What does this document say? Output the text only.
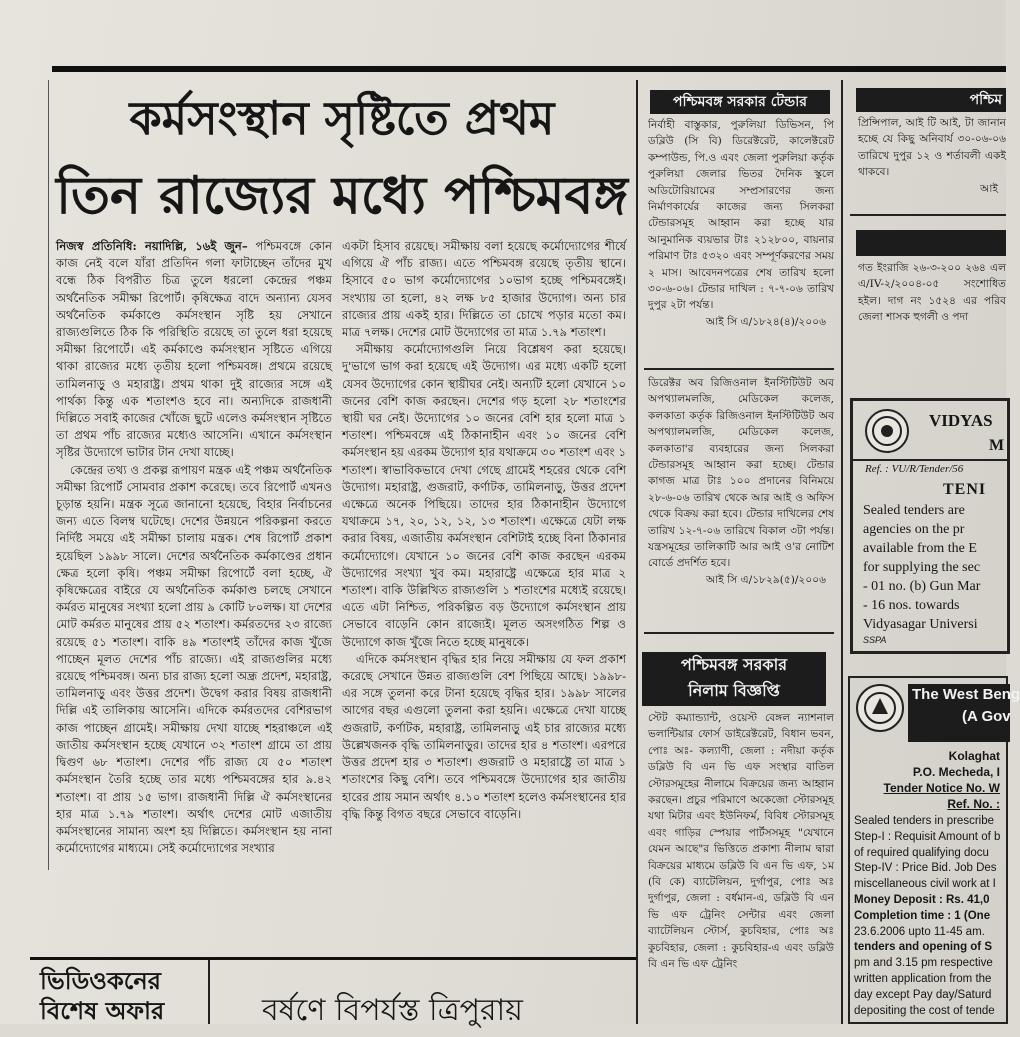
কর্মসংস্থান সৃষ্টিতে প্রথম
তিন রাজ্যের মধ্যে পশ্চিমবঙ্গ

নিজস্ব প্রতিনিধি: নয়াদিল্লি, ১৬ই জুন– পশ্চিমবঙ্গে কোন কাজ নেই বলে যাঁরা প্রতিদিন গলা ফাটাচ্ছেন তাঁদের মুখ বন্ধে ঠিক বিপরীত চিত্র তুলে ধরলো কেন্দ্রের পঞ্চম অর্থনৈতিক সমীক্ষা রিপোর্ট। কৃষিক্ষেত্র বাদে অন্যান্য যেসব অর্থনৈতিক কর্মকাণ্ডে কর্মসংস্থান সৃষ্টি হয় সেখানে রাজ্যগুলিতে ঠিক কি পরিস্থিতি রয়েছে তা তুলে ধরা হয়েছে সমীক্ষা রিপোর্টে। এই কর্মকাণ্ডে কর্মসংস্থান সৃষ্টিতে এগিয়ে থাকা রাজ্যের মধ্যে তৃতীয় হলো পশ্চিমবঙ্গ। প্রথমে রয়েছে তামিলনাড়ু ও মহারাষ্ট্র। প্রথম থাকা দুই রাজ্যের সঙ্গে এই পার্থক্য কিন্তু এক শতাংশও হবে না। অন্যদিকে রাজধানী দিল্লিতে সবাই কাজের খোঁজে ছুটে এলেও কর্মসংস্থান সৃষ্টিতে তা প্রথম পাঁচ রাজ্যের মধ্যেও আসেনি। এখানে কর্মসংস্থান সৃষ্টির উদ্যোগে ভাটার টান দেখা যাচ্ছে।

কেন্দ্রের তথ্য ও প্রকল্প রূপায়ণ মন্ত্রক এই পঞ্চম অর্থনৈতিক সমীক্ষা রিপোর্ট সোমবার প্রকাশ করেছে। তবে রিপোর্ট এখনও চূড়ান্ত হয়নি। মন্ত্রক সূত্রে জানানো হয়েছে, বিহার নির্বাচনের জন্য এতে বিলম্ব ঘটেছে। দেশের উন্নয়নে পরিকল্পনা করতে নির্দিষ্ট সময়ে এই সমীক্ষা চালায় মন্ত্রক। শেষ রিপোর্ট প্রকাশ হয়েছিল ১৯৯৮ সালে। দেশের অর্থনৈতিক কর্মকাণ্ডের প্রধান ক্ষেত্র হলো কৃষি। পঞ্চম সমীক্ষা রিপোর্টে বলা হচ্ছে, ঐ কৃষিক্ষেত্রের বাইরে যে অর্থনৈতিক কর্মকাণ্ড চলছে সেখানে কর্মরত মানুষের সংখ্যা হলো প্রায় ৯ কোটি ৮০লক্ষ। যা দেশের মোট কর্মরত মানুষের প্রায় ৫২ শতাংশ। কর্মরতদের ২৩ রাজ্যে রয়েছে ৫১ শতাংশ। বাকি ৪৯ শতাংশই তাঁদের কাজ খুঁজে পাচ্ছেন মূলত দেশের পাঁচ রাজ্যে। এই রাজ্যগুলির মধ্যে রয়েছে পশ্চিমবঙ্গ। অন্য চার রাজ্য হলো অন্ধ্র প্রদেশ, মহারাষ্ট্র, তামিলনাড়ু এবং উত্তর প্রদেশ। উদ্বেগ করার বিষয় রাজধানী দিল্লি এই তালিকায় আসেনি। এদিকে কর্মরতদের বেশিরভাগ কাজ পাচ্ছেন গ্রামেই। সমীক্ষায় দেখা যাচ্ছে শহরাঞ্চলে এই জাতীয় কর্মসংস্থান হচ্ছে যেখানে ৩২ শতাংশ গ্রামে তা প্রায় দ্বিগুণ ৬৮ শতাংশ। দেশের পাঁচ রাজ্য যে ৫০ শতাংশ কর্মসংস্থান তৈরি হচ্ছে তার মধ্যে পশ্চিমবঙ্গের হার ৯.৪২ শতাংশ। বা প্রায় ১৫ ভাগ। রাজধানী দিল্লি ঐ কর্মসংস্থানের হার মাত্র ১.৭৯ শতাংশ। অর্থাৎ দেশের মোট এজাতীয় কর্মসংস্থানের সামান্য অংশ হয় দিল্লিতে। কর্মসংস্থান হয় নানা কর্মোদ্যোগের মাধ্যমে। সেই কর্মোদ্যোগের সংখ্যার

একটা হিসাব রয়েছে। সমীক্ষায় বলা হয়েছে কর্মোদ্যোগের শীর্ষে এগিয়ে ঐ পাঁচ রাজ্য। এতে পশ্চিমবঙ্গ রয়েছে তৃতীয় স্থানে। হিসাবে ৫০ ভাগ কর্মোদ্যোগের ১০ভাগ হচ্ছে পশ্চিমবঙ্গেই। সংখ্যায় তা হলো, ৪২ লক্ষ ৮৫ হাজার উদ্যোগ। অন্য চার রাজ্যের প্রায় একই হার। দিল্লিতে তা চোখে পড়ার মতো কম। মাত্র ৭লক্ষ। দেশের মোট উদ্যোগের তা মাত্র ১.৭৯ শতাংশ।

সমীক্ষায় কর্মোদ্যোগগুলি নিয়ে বিশ্লেষণ করা হয়েছে। দু'ভাগে ভাগ করা হয়েছে এই উদ্যোগ। এর মধ্যে একটি হলো যেসব উদ্যোগের কোন স্থায়ীঘর নেই। অন্যটি হলো যেখানে ১০ জনের বেশি কাজ করছেন। দেশের গড় হলো ২৮ শতাংশের স্থায়ী ঘর নেই। উদ্যোগের ১০ জনের বেশি হার হলো মাত্র ১ শতাংশ। পশ্চিমবঙ্গে এই ঠিকানাহীন এবং ১০ জনের বেশি কর্মসংস্থান হয় এরকম উদ্যোগ হার যথাক্রমে ৩০ শতাংশ এবং ১ শতাংশ। স্বাভাবিকভাবে দেখা গেছে গ্রামেই শহরের থেকে বেশি উদ্যোগ। মহারাষ্ট্র, গুজরাট, কর্ণাটক, তামিলনাড়ু, উত্তর প্রদেশ এক্ষেত্রে অনেক পিছিয়ে। তাদের হার ঠিকানাহীন উদ্যোগে যথাক্রমে ১৭, ২০, ১২, ১২, ১৩ শতাংশ। এক্ষেত্রে যেটা লক্ষ করার বিষয়, এজাতীয় কর্মসংস্থান বেশিটাই হচ্ছে বিনা ঠিকানার কর্মোদ্যোগে। যেখানে ১০ জনের বেশি কাজ করছেন এরকম উদ্যোগের সংখ্যা খুব কম। মহারাষ্ট্রে এক্ষেত্রে হার মাত্র ২ শতাংশ। বাকি উল্লিখিত রাজ্যগুলি ১ শতাংশের মধ্যেই রয়েছে। এতে এটা নিশ্চিত, পরিকল্পিত বড় উদ্যোগে কর্মসংস্থান প্রায় সেভাবে বাড়েনি কোন রাজ্যেই। মূলত অসংগঠিত শিল্প ও উদ্যোগে কাজ খুঁজে নিতে হচ্ছে মানুষকে।

এদিকে কর্মসংস্থান বৃদ্ধির হার নিয়ে সমীক্ষায় যে ফল প্রকাশ করেছে সেখানে উন্নত রাজ্যগুলি বেশ পিছিয়ে আছে। ১৯৯৮-এর সঙ্গে তুলনা করে টানা হয়েছে বৃদ্ধির হার। ১৯৯৮ সালের আগের বছর এগুলো তুলনা করা হয়নি। এক্ষেত্রে দেখা যাচ্ছে গুজরাট, কর্ণাটক, মহারাষ্ট্র, তামিলনাড়ু এই চার রাজ্যের মধ্যে উল্লেখজনক বৃদ্ধি তামিলনাড়ুর। তাদের হার ৪ শতাংশ। এরপরে উত্তর প্রদেশ হার ৩ শতাংশ। গুজরাট ও মহারাষ্ট্রে তা মাত্র ১ শতাংশের কিছু বেশি। তবে পশ্চিমবঙ্গে উদ্যোগের হার জাতীয় হারের প্রায় সমান অর্থাৎ ৪.১০ শতাংশ হলেও কর্মসংস্থানের হার বৃদ্ধি কিন্তু বিগত বছরে সেভাবে বাড়েনি।

পশ্চিমবঙ্গ সরকার টেন্ডার
নির্বাহী বাস্তুকার, পুরুলিয়া ডিভিসন, পি ডব্লিউ (সি বি) ডিরেক্টরেট, কালেক্টরেট কম্পাউন্ড, পি.ও এবং জেলা পুরুলিয়া কর্তৃক পুরুলিয়া জেলার ভিতর দৈনিক স্কুলে অডিটোরিয়ামের সম্প্রসারণের জন্য নির্মাণকার্যের কাজের জন্য সিলকরা টেন্ডারসমূহ আহ্বান করা হচ্ছে যার আনুমানিক ব্যয়ভার টাঃ ২১২৮০০, বায়নার পরিমাণ টাঃ ৫৩২০ এবং সম্পূর্ণকরণের সময় ২ মাস। আবেদনপত্রের শেষ তারিখ হলো ৩০-৬-০৬। টেন্ডার দাখিল : ৭-৭-০৬ তারিখ দুপুর ২টা পর্যন্ত।
আই সি এ/১৮২৪(৪)/২০০৬
ডিরেক্টর অব রিজিওনাল ইনস্টিটিউট অব অপথ্যালমলজি, মেডিকেল কলেজ, কলকাতা কর্তৃক রিজিওনাল ইনস্টিটিউট অব অপথ্যালমলজি, মেডিকেল কলেজ, কলকাতা'র ব্যবহারের জন্য সিলকরা টেন্ডারসমূহ আহ্বান করা হচ্ছে। টেন্ডার কাগজ মাত্র টাঃ ১০০ প্রদানের বিনিময়ে ২৮-৬-০৬ তারিখ থেকে আর আই ও অফিস থেকে বিক্রয় করা হবে। টেন্ডার দাখিলের শেষ তারিখ ১২-৭-০৬ তারিখে বিকাল ৩টা পর্যন্ত। যন্ত্রসমূহের তালিকাটি আর আই ও'র নোটিশ বোর্ডে প্রদর্শিত হবে।
আই সি এ/১৮২৯(৫)/২০০৬
পশ্চিমবঙ্গ সরকার
নিলাম বিজ্ঞপ্তি
স্টেট কম্যান্ড্যান্ট, ওয়েস্ট বেঙ্গল ন্যাশনাল ভলান্টিয়ার ফোর্স ডাইরেক্টরেট, বিধান ভবন, পোঃ অঃ- কল্যাণী, জেলা : নদীয়া কর্তৃক ডব্লিউ বি এন ভি এফ সংস্থার বাতিল স্টোরসমূহের নীলামে বিক্রয়ের জন্য আহ্বান করছেন। প্রচুর পরিমাণে অকেজো স্টোরসমূহ যথা মিটার এবং ইউনিফর্ম, বিবিধ স্টোরসমূহ এবং গাড়ির স্পেয়ার পার্টসসমূহ "যেখানে যেমন আছে"র ভিত্তিতে প্রকাশ্য নীলাম দ্বারা বিক্রয়ের মাধ্যমে ডব্লিউ বি এন ভি এফ, ১ম (বি কে) ব্যাটেলিয়ন, দুর্গাপুর, পোঃ অঃ দুর্গাপুর, জেলা : বর্ধমান-এ, ডব্লিউ বি এন ভি এফ ট্রেনিং সেন্টার এবং জেলা ব্যাটেলিয়ন স্টোর্স, কুচবিহার, পোঃ অঃ কুচবিহার, জেলা : কুচবিহার-এ এবং ডব্লিউ বি এন ভি এফ ট্রেনিং
পশ্চিম
প্রিন্সিপাল, আই টি আই, টা জানান হচ্ছে যে কিছু অনিবার্য ৩০-০৬-০৬ তারিখে দুপুর ১২ ও শর্তাবলী একই থাকবে।
আই
গত ইংরাজি ২৬-৩-২০০ ২৬৪ এল এ/IV-২/২০০৪-০৫ সংশোধিত হইল। দাগ নং ১৫২৪ এর পরিব জেলা শাসক হুগলী ও পদা
VIDYAS
M
Ref. : VU/R/Tender/56
TENI
Sealed tenders are
agencies on the pr
available from the E
for supplying the sec
- 01 no. (b) Gun Mar
- 16 nos. towards
Vidyasagar Universi
SSPA
The West Beng
(A Gov
Kolaghat
P.O. Mecheda, I
Tender Notice No. W
Ref. No. :
Sealed tenders in prescribe
Step-I : Requisit Amount of b
of required qualifying docu
Step-IV : Price Bid. Job Des
miscellaneous civil work at I
Money Deposit : Rs. 41,0
Completion time : 1 (One
23.6.2006 upto 11-45 am.
tenders and opening of S
pm and 3.15 pm respective
written application from the
day except Pay day/Saturd
depositing the cost of tende
ভিডিওকনের
বিশেষ অফার	বর্ষণে বিপর্যস্ত ত্রিপুরায়
